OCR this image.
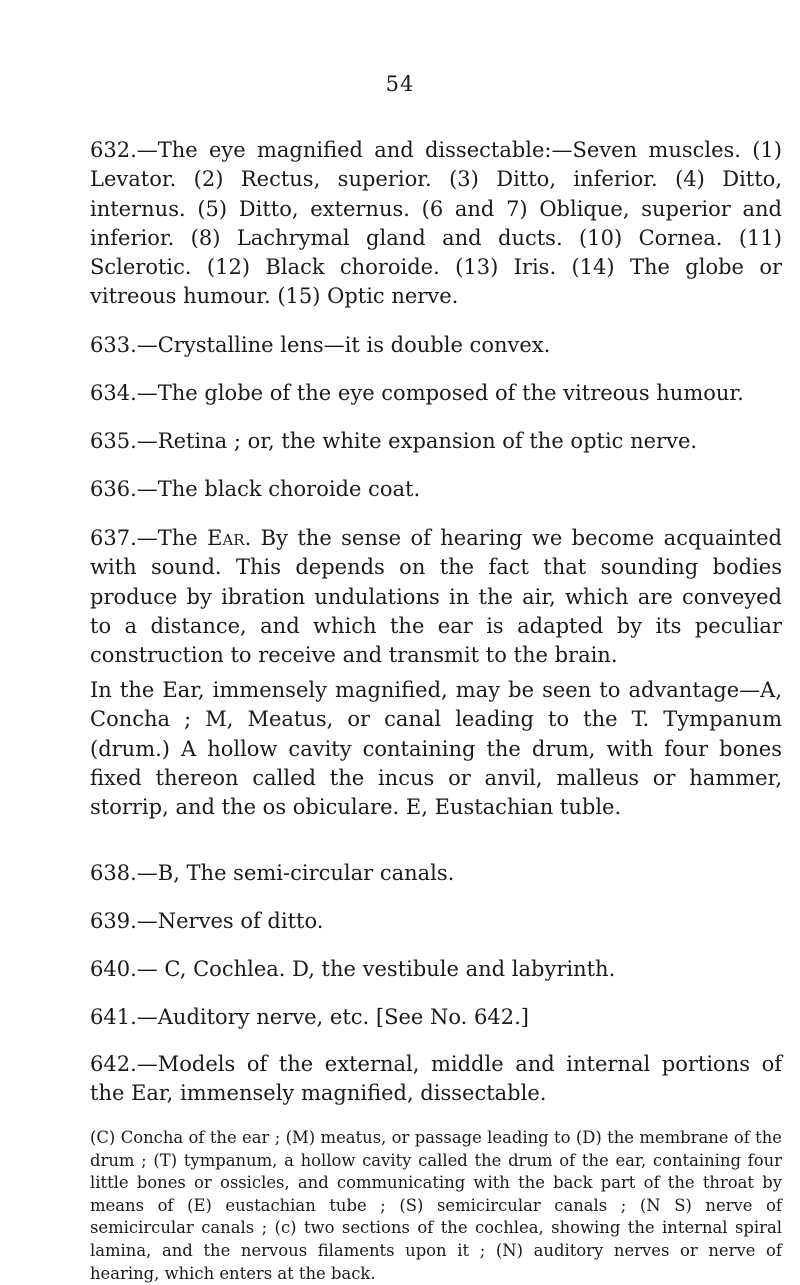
54

632.—The eye magnified and dissectable:—Seven muscles. (1) Levator. (2) Rectus, superior. (3) Ditto, inferior. (4) Ditto, internus. (5) Ditto, externus. (6 and 7) Oblique, superior and inferior. (8) Lachrymal gland and ducts. (10) Cornea. (11) Sclerotic. (12) Black choroide. (13) Iris. (14) The globe or vitreous humour. (15) Optic nerve.

633.—Crystalline lens—it is double convex.

634.—The globe of the eye composed of the vitreous humour.

635.—Retina ; or, the white expansion of the optic nerve.

636.—The black choroide coat.

637.—The Ear. By the sense of hearing we become acquainted with sound. This depends on the fact that sounding bodies produce by ibration undulations in the air, which are conveyed to a distance, and which the ear is adapted by its peculiar construction to receive and transmit to the brain.

In the Ear, immensely magnified, may be seen to advantage—A, Concha ; M, Meatus, or canal leading to the T. Tympanum (drum.) A hollow cavity containing the drum, with four bones fixed thereon called the incus or anvil, malleus or hammer, storrip, and the os obiculare. E, Eustachian tuble.

638.—B, The semi-circular canals.

639.—Nerves of ditto.

640.— C, Cochlea. D, the vestibule and labyrinth.

641.—Auditory nerve, etc. [See No. 642.]

642.—Models of the external, middle and internal portions of the Ear, immensely magnified, dissectable.

(C) Concha of the ear ; (M) meatus, or passage leading to (D) the membrane of the drum ; (T) tympanum, a hollow cavity called the drum of the ear, containing four little bones or ossicles, and communicating with the back part of the throat by means of (E) eustachian tube ; (S) semicircular canals ; (N S) nerve of semicircular canals ; (c) two sections of the cochlea, showing the internal spiral lamina, and the nervous filaments upon it ; (N) auditory nerves or nerve of hearing, which enters at the back.
